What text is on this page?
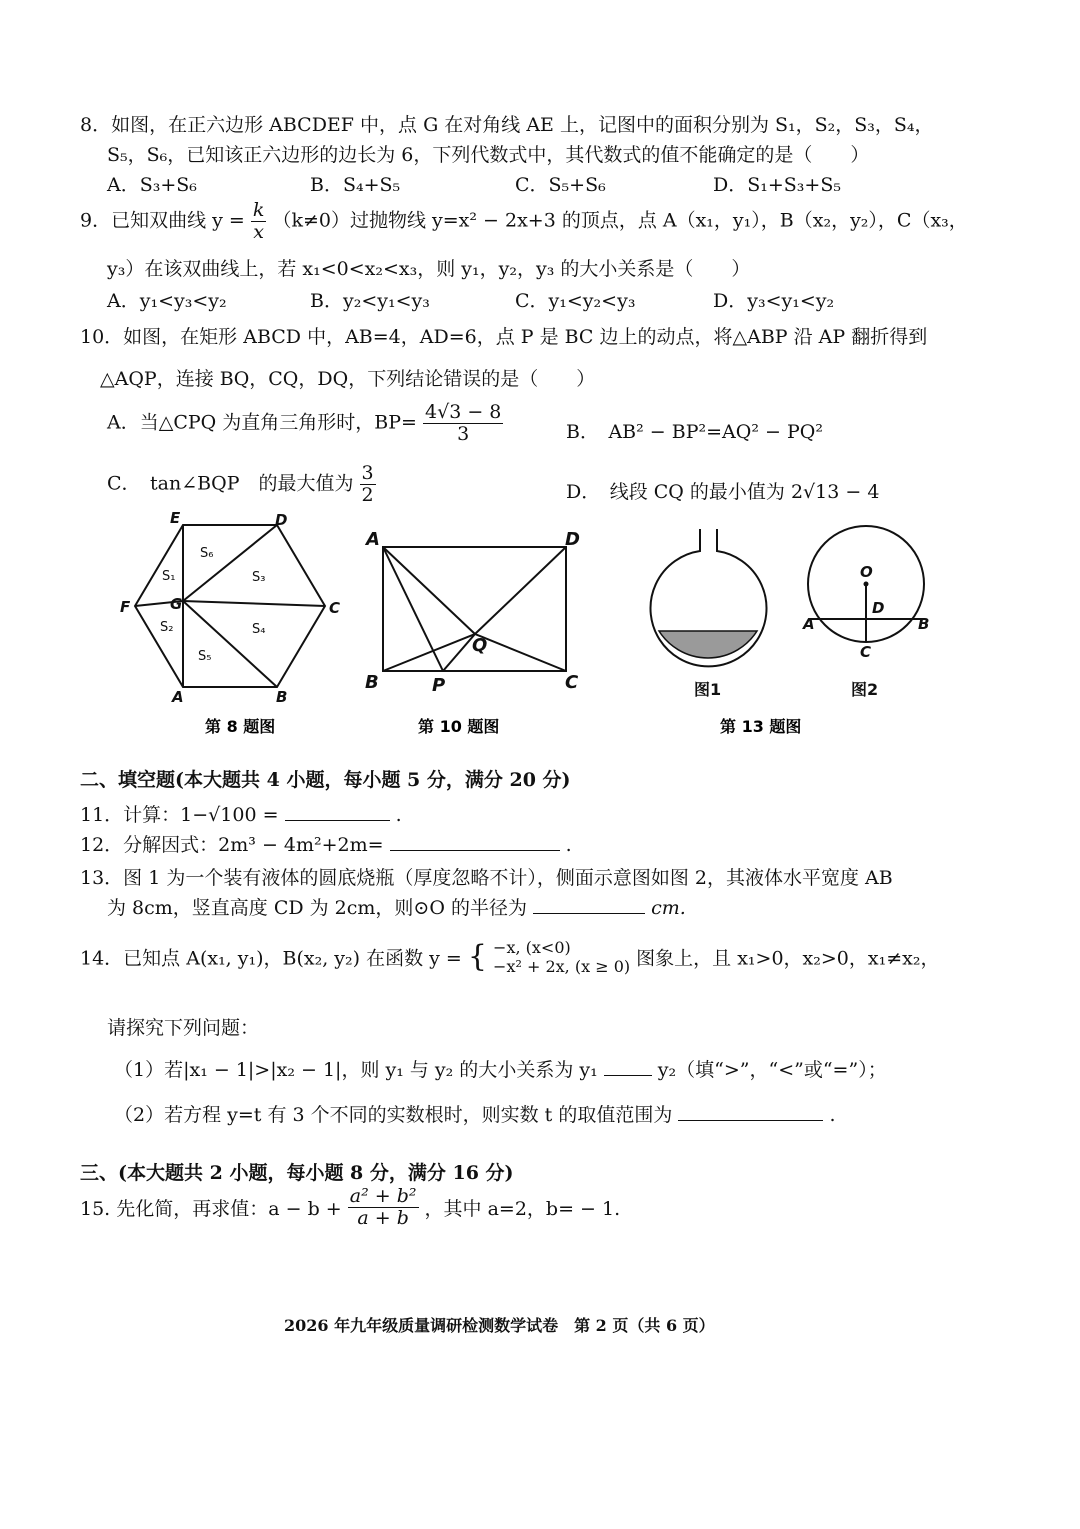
8．如图，在正六边形 ABCDEF 中，点 G 在对角线 AE 上，记图中的面积分别为 S₁，S₂，S₃，S₄，
S₅，S₆，已知该正六边形的边长为 6，下列代数式中，其代数式的值不能确定的是（　　）
A．S₃+S₆	B．S₄+S₅	C．S₅+S₆	D．S₁+S₃+S₅
9．已知双曲线 $y = \frac{k}{x} (k\ne 0)$过抛物线 y=x² − 2x+3 的顶点，点 A（x₁，y₁），B（x₂，y₂），C（x₃，
y₃）在该双曲线上，若 x₁<0<x₂<x₃，则 y₁，y₂，y₃ 的大小关系是（　　）
A．y₁<y₃<y₂	B．y₂<y₁<y₃	C．y₁<y₂<y₃	D．y₃<y₁<y₂
10．如图，在矩形 ABCD 中，AB=4，AD=6，点 P 是 BC 边上的动点，将△ABP 沿 AP 翻折得到
△AQP，连接 BQ，CQ，DQ，下列结论错误的是（　　）
A．当△CPQ 为直角三角形时，$BP= \frac{4√3 - 8}{3}$	B．　AB² − BP²=AQ² − PQ²
C．　tan∠BQP　的最大值为 $\frac{3}{2}$	D．　线段 CQ 的最小值为 2√13 − 4
E	D
F	G	C
A	B
S₆
S₁	S₃
S₂	S₄
S₅
第 8 题图
A	D
Q
B	P	C
第 10 题图
图1
O
D
A	B
C
图2
第 13 题图
二、填空题(本大题共 4 小题，每小题 5 分，满分 20 分)
11．计算：1−√100 =	.
12．分解因式：2m³ − 4m²+2m=	.
13．图 1 为一个装有液体的圆底烧瓶（厚度忽略不计），侧面示意图如图 2，其液体水平宽度 AB
为 8cm，竖直高度 CD 为 2cm，则⊙O 的半径为	cm.
14．已知点 A(x₁, y₁)，B(x₂, y₂) 在函数 y = { −x, (x<0)
−x² + 2x, (x ≥ 0) 图象上，且 x₁>0，x₂>0，x₁≠x₂，
请探究下列问题：
（1）若|x₁ − 1|>|x₂ − 1|，则 y₁ 与 y₂ 的大小关系为 y₁	y₂（填“>”，“<”或“=”）；
（2）若方程 y=t 有 3 个不同的实数根时，则实数 t 的取值范围为	.
三、(本大题共 2 小题，每小题 8 分，满分 16 分)
15. 先化简，再求值：$a - b + \frac{\text{a² + b²}}{a + b}$ ，其中 a=2，b= − 1.
2026 年九年级质量调研检测数学试卷　第 2 页（共 6 页）
